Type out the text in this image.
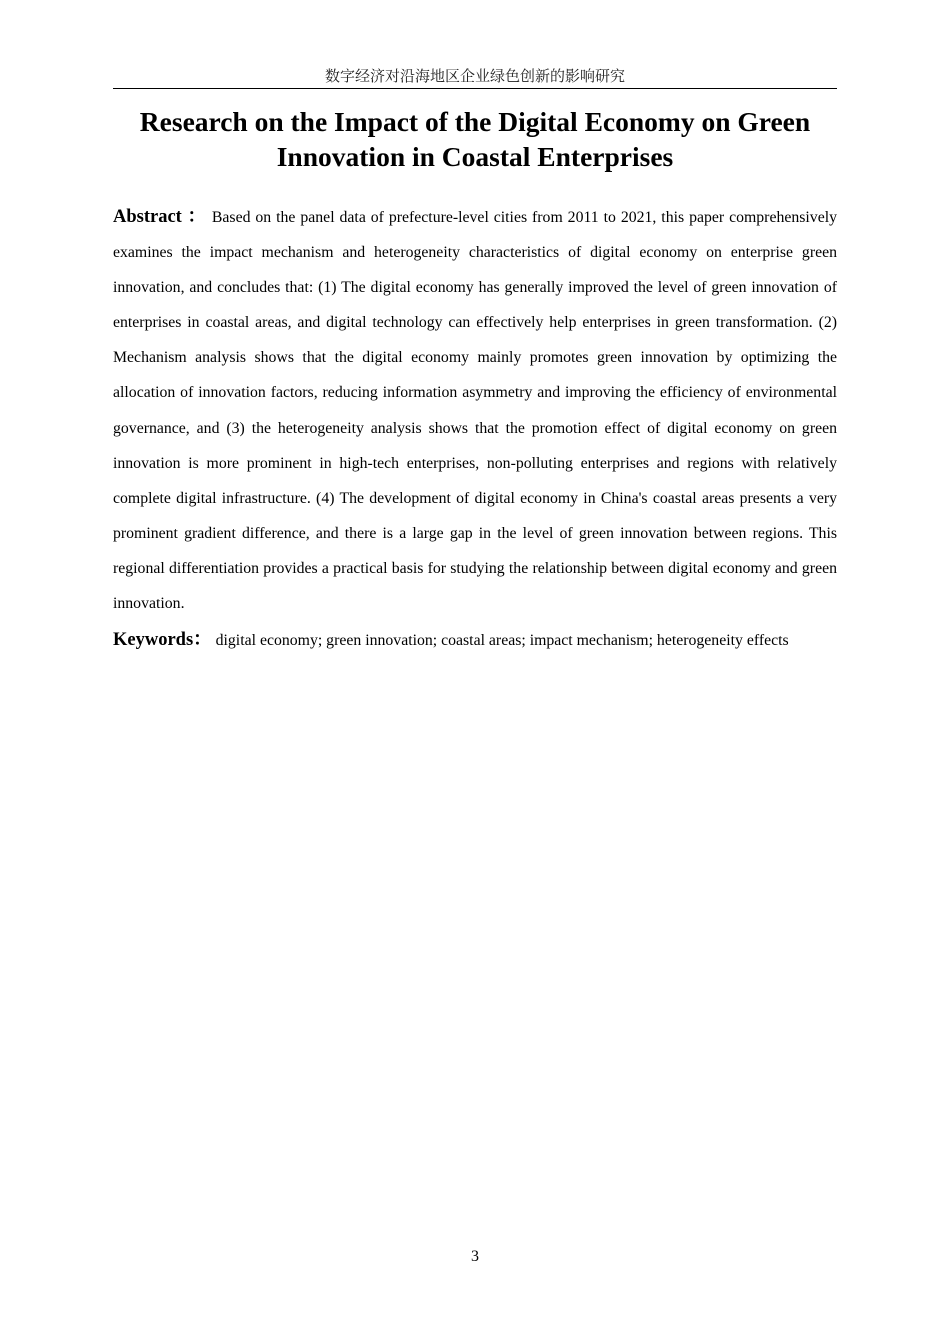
数字经济对沿海地区企业绿色创新的影响研究
Research on the Impact of the Digital Economy on Green Innovation in Coastal Enterprises

Abstract ： Based on the panel data of prefecture-level cities from 2011 to 2021, this paper comprehensively examines the impact mechanism and heterogeneity characteristics of digital economy on enterprise green innovation, and concludes that: (1) The digital economy has generally improved the level of green innovation of enterprises in coastal areas, and digital technology can effectively help enterprises in green transformation. (2) Mechanism analysis shows that the digital economy mainly promotes green innovation by optimizing the allocation of innovation factors, reducing information asymmetry and improving the efficiency of environmental governance, and (3) the heterogeneity analysis shows that the promotion effect of digital economy on green innovation is more prominent in high-tech enterprises, non-polluting enterprises and regions with relatively complete digital infrastructure. (4) The development of digital economy in China's coastal areas presents a very prominent gradient difference, and there is a large gap in the level of green innovation between regions. This regional differentiation provides a practical basis for studying the relationship between digital economy and green innovation.

Keywords： digital economy; green innovation; coastal areas; impact mechanism; heterogeneity effects

3
